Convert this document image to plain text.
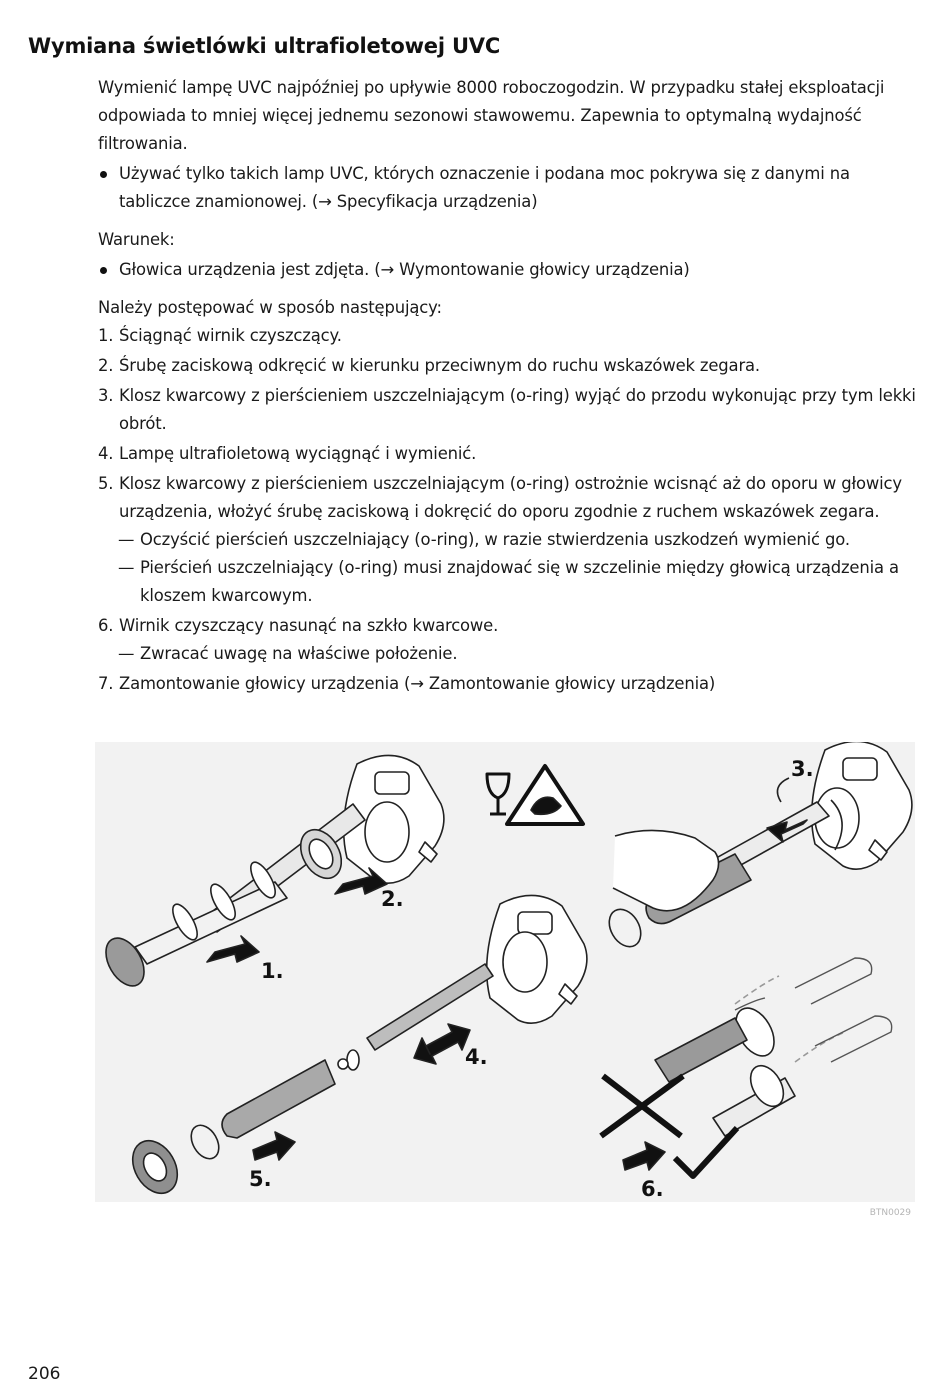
Wymiana świetlówki ultrafioletowej UVC

Wymienić lampę UVC najpóźniej po upływie 8000 roboczogodzin. W przypadku stałej eksploatacji odpowiada to mniej więcej jednemu sezonowi stawowemu. Zapewnia to optymalną wydajność filtrowania.

Używać tylko takich lamp UVC, których oznaczenie i podana moc pokrywa się z danymi na tabliczce znamionowej. (→ Specyfikacja urządzenia)

Warunek:

Głowica urządzenia jest zdjęta. (→ Wymontowanie głowicy urządzenia)

Należy postępować w sposób następujący:

1. Ściągnąć wirnik czyszczący.

2. Śrubę zaciskową odkręcić w kierunku przeciwnym do ruchu wskazówek zegara.

3. Klosz kwarcowy z pierścieniem uszczelniającym (o-ring) wyjąć do przodu wykonując przy tym lekki obrót.

4. Lampę ultrafioletową wyciągnąć i wymienić.

5. Klosz kwarcowy z pierścieniem uszczelniającym (o-ring) ostrożnie wcisnąć aż do oporu w głowicy urządzenia, włożyć śrubę zaciskową i dokręcić do oporu zgodnie z ruchem wskazówek zegara.

— Oczyścić pierścień uszczelniający (o-ring), w razie stwierdzenia uszkodzeń wymienić go.

— Pierścień uszczelniający (o-ring) musi znajdować się w szczelinie między głowicą urządzenia a kloszem kwarcowym.

6. Wirnik czyszczący nasunąć na szkło kwarcowe.

— Zwracać uwagę na właściwe położenie.

7. Zamontowanie głowicy urządzenia (→ Zamontowanie głowicy urządzenia)

1.
2.
3.
4.
5.	6.
BTN0029
206
